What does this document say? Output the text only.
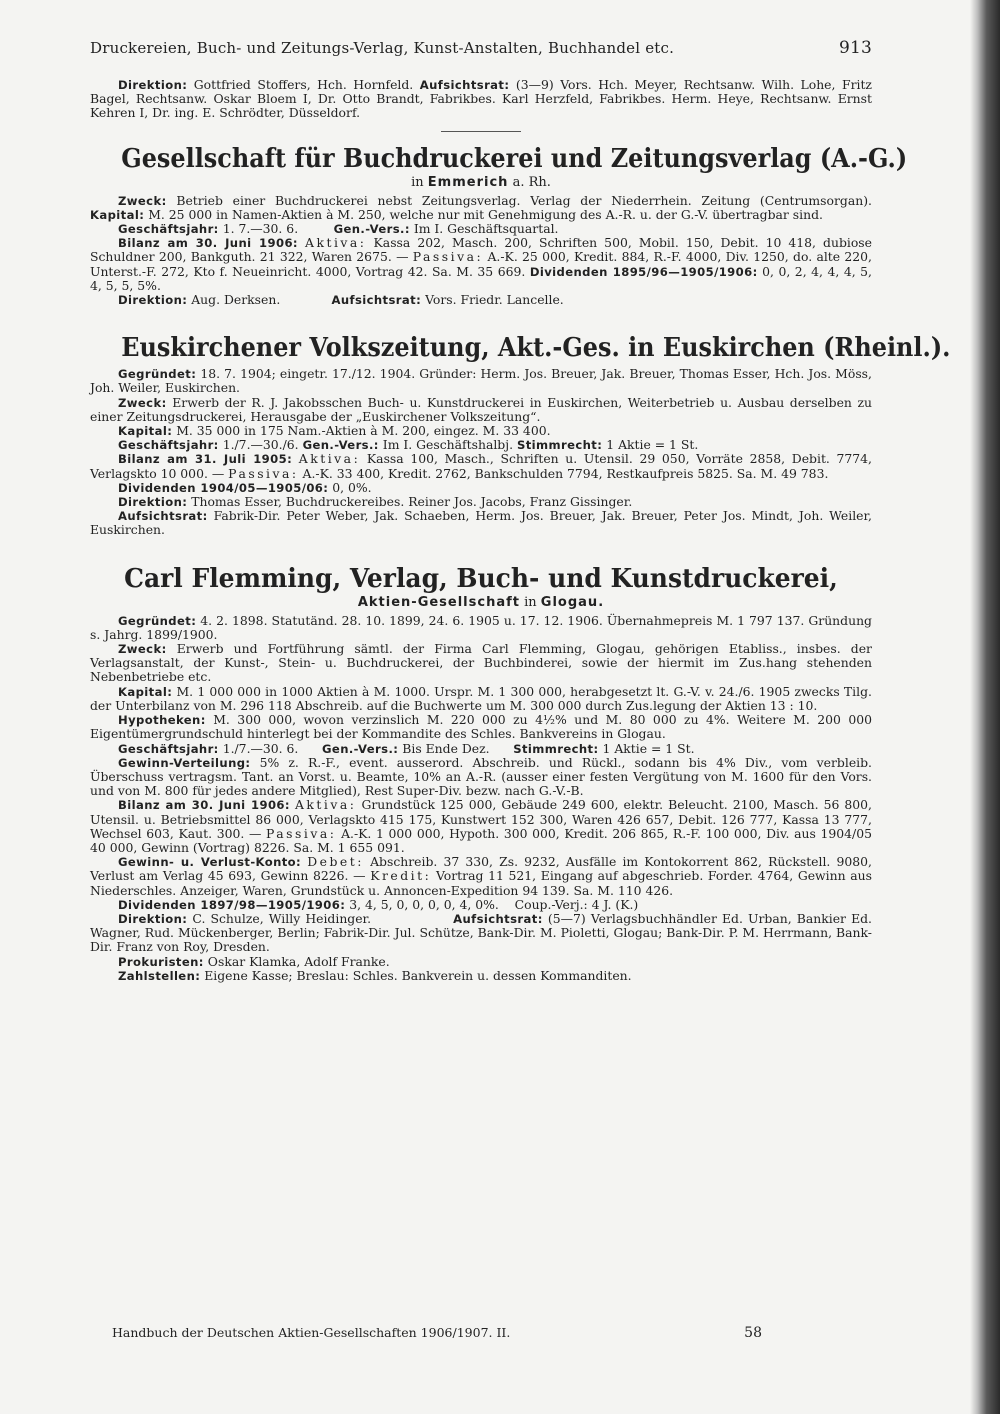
Druckereien, Buch- und Zeitungs-Verlag, Kunst-Anstalten, Buchhandel etc.	913

Direktion: Gottfried Stoffers, Hch. Hornfeld. Aufsichtsrat: (3—9) Vors. Hch. Meyer, Rechtsanw. Wilh. Lohe, Fritz Bagel, Rechtsanw. Oskar Bloem I, Dr. Otto Brandt, Fabrikbes. Karl Herzfeld, Fabrikbes. Herm. Heye, Rechtsanw. Ernst Kehren I, Dr. ing. E. Schrödter, Düsseldorf.

Gesellschaft für Buchdruckerei und Zeitungsverlag (A.-G.)
in Emmerich a. Rh.

Zweck: Betrieb einer Buchdruckerei nebst Zeitungsverlag. Verlag der Niederrhein. Zeitung (Centrumsorgan). Kapital: M. 25 000 in Namen-Aktien à M. 250, welche nur mit Genehmigung des A.-R. u. der G.-V. übertragbar sind.

Geschäftsjahr: 1. 7.—30. 6.	Gen.-Vers.: Im I. Geschäftsquartal.

Bilanz am 30. Juni 1906: Aktiva: Kassa 202, Masch. 200, Schriften 500, Mobil. 150, Debit. 10 418, dubiose Schuldner 200, Bankguth. 21 322, Waren 2675. — Passiva: A.-K. 25 000, Kredit. 884, R.-F. 4000, Div. 1250, do. alte 220, Unterst.-F. 272, Kto f. Neueinricht. 4000, Vortrag 42. Sa. M. 35 669. Dividenden 1895/96—1905/1906: 0, 0, 2, 4, 4, 4, 5, 4, 5, 5, 5%.

Direktion: Aug. Derksen.	Aufsichtsrat: Vors. Friedr. Lancelle.

Euskirchener Volkszeitung, Akt.-Ges. in Euskirchen (Rheinl.).

Gegründet: 18. 7. 1904; eingetr. 17./12. 1904. Gründer: Herm. Jos. Breuer, Jak. Breuer, Thomas Esser, Hch. Jos. Möss, Joh. Weiler, Euskirchen.

Zweck: Erwerb der R. J. Jakobsschen Buch- u. Kunstdruckerei in Euskirchen, Weiterbetrieb u. Ausbau derselben zu einer Zeitungsdruckerei, Herausgabe der „Euskirchener Volkszeitung“.

Kapital: M. 35 000 in 175 Nam.-Aktien à M. 200, eingez. M. 33 400.

Geschäftsjahr: 1./7.—30./6. Gen.-Vers.: Im I. Geschäftshalbj. Stimmrecht: 1 Aktie = 1 St.

Bilanz am 31. Juli 1905: Aktiva: Kassa 100, Masch., Schriften u. Utensil. 29 050, Vorräte 2858, Debit. 7774, Verlagskto 10 000. — Passiva: A.-K. 33 400, Kredit. 2762, Bankschulden 7794, Restkaufpreis 5825. Sa. M. 49 783.

Dividenden 1904/05—1905/06: 0, 0%.

Direktion: Thomas Esser, Buchdruckereibes. Reiner Jos. Jacobs, Franz Gissinger.

Aufsichtsrat: Fabrik-Dir. Peter Weber, Jak. Schaeben, Herm. Jos. Breuer, Jak. Breuer, Peter Jos. Mindt, Joh. Weiler, Euskirchen.

Carl Flemming, Verlag, Buch- und Kunstdruckerei,
Aktien-Gesellschaft in Glogau.

Gegründet: 4. 2. 1898. Statutänd. 28. 10. 1899, 24. 6. 1905 u. 17. 12. 1906. Übernahmepreis M. 1 797 137. Gründung s. Jahrg. 1899/1900.

Zweck: Erwerb und Fortführung sämtl. der Firma Carl Flemming, Glogau, gehörigen Etabliss., insbes. der Verlagsanstalt, der Kunst-, Stein- u. Buchdruckerei, der Buchbinderei, sowie der hiermit im Zus.hang stehenden Nebenbetriebe etc.

Kapital: M. 1 000 000 in 1000 Aktien à M. 1000. Urspr. M. 1 300 000, herabgesetzt lt. G.-V. v. 24./6. 1905 zwecks Tilg. der Unterbilanz von M. 296 118 Abschreib. auf die Buchwerte um M. 300 000 durch Zus.legung der Aktien 13 : 10.

Hypotheken: M. 300 000, wovon verzinslich M. 220 000 zu 4½% und M. 80 000 zu 4%. Weitere M. 200 000 Eigentümergrundschuld hinterlegt bei der Kommandite des Schles. Bankvereins in Glogau.

Geschäftsjahr: 1./7.—30. 6. Gen.-Vers.: Bis Ende Dez. Stimmrecht: 1 Aktie = 1 St.

Gewinn-Verteilung: 5% z. R.-F., event. ausserord. Abschreib. und Rückl., sodann bis 4% Div., vom verbleib. Überschuss vertragsm. Tant. an Vorst. u. Beamte, 10% an A.-R. (ausser einer festen Vergütung von M. 1600 für den Vors. und von M. 800 für jedes andere Mitglied), Rest Super-Div. bezw. nach G.-V.-B.

Bilanz am 30. Juni 1906: Aktiva: Grundstück 125 000, Gebäude 249 600, elektr. Beleucht. 2100, Masch. 56 800, Utensil. u. Betriebsmittel 86 000, Verlagskto 415 175, Kunstwert 152 300, Waren 426 657, Debit. 126 777, Kassa 13 777, Wechsel 603, Kaut. 300. — Passiva: A.-K. 1 000 000, Hypoth. 300 000, Kredit. 206 865, R.-F. 100 000, Div. aus 1904/05 40 000, Gewinn (Vortrag) 8226. Sa. M. 1 655 091.

Gewinn- u. Verlust-Konto: Debet: Abschreib. 37 330, Zs. 9232, Ausfälle im Kontokorrent 862, Rückstell. 9080, Verlust am Verlag 45 693, Gewinn 8226. — Kredit: Vortrag 11 521, Eingang auf abgeschrieb. Forder. 4764, Gewinn aus Niederschles. Anzeiger, Waren, Grundstück u. Annoncen-Expedition 94 139. Sa. M. 110 426.

Dividenden 1897/98—1905/1906: 3, 4, 5, 0, 0, 0, 0, 4, 0%. Coup.-Verj.: 4 J. (K.)

Direktion: C. Schulze, Willy Heidinger.	Aufsichtsrat: (5—7) Verlagsbuchhändler Ed. Urban, Bankier Ed. Wagner, Rud. Mückenberger, Berlin; Fabrik-Dir. Jul. Schütze, Bank-Dir. M. Pioletti, Glogau; Bank-Dir. P. M. Herrmann, Bank-Dir. Franz von Roy, Dresden.

Prokuristen: Oskar Klamka, Adolf Franke.

Zahlstellen: Eigene Kasse; Breslau: Schles. Bankverein u. dessen Kommanditen.

Handbuch der Deutschen Aktien-Gesellschaften 1906/1907. II.	58
